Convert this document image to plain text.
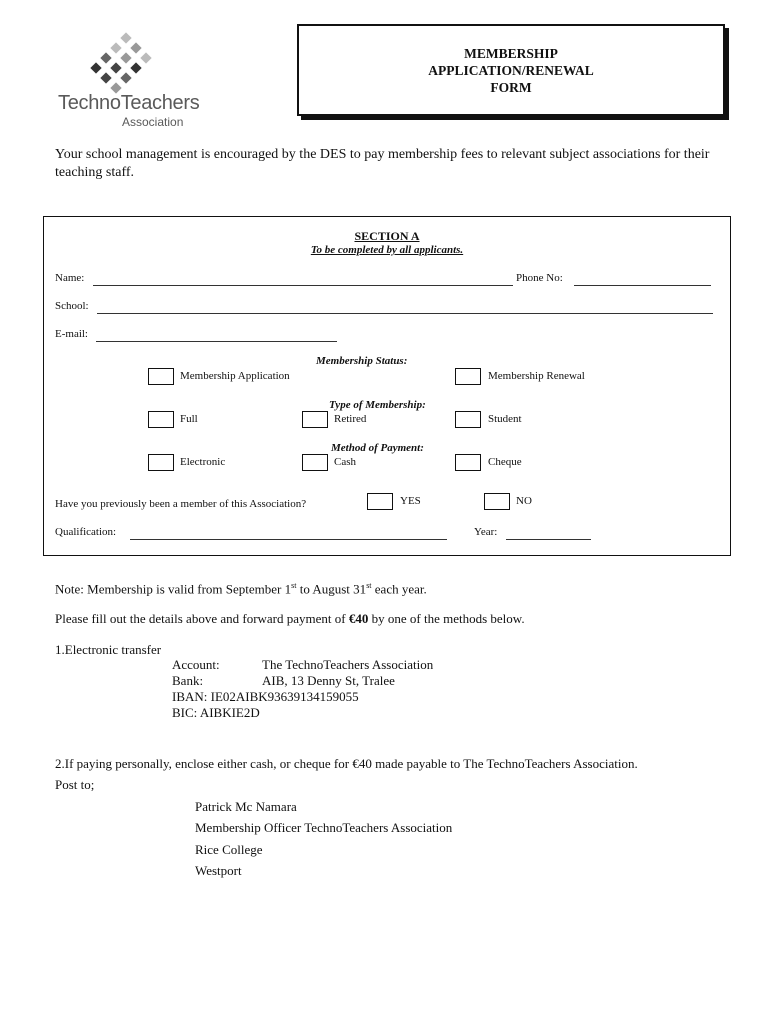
TechnoTeachers
Association
MEMBERSHIP
APPLICATION/RENEWAL
FORM
Your school management is encouraged by the DES to pay membership fees to relevant subject associations for their teaching staff.
SECTION A
To be completed by all applicants.
Name:	Phone No:
School:
E-mail:
Membership Status:
Membership Application	Membership Renewal
Type of Membership:
Full	Retired	Student
Method of Payment:
Electronic	Cash	Cheque
Have you previously been a member of this Association?	YES	NO
Qualification:	Year:
Note: Membership is valid from September 1st to August 31st each year.
Please fill out the details above and forward payment of €40 by one of the methods below.
1.Electronic transfer
Account:	The TechnoTeachers Association
Bank:	AIB, 13 Denny St, Tralee
IBAN: IE02AIBK93639134159055
BIC: AIBKIE2D
2.If paying personally, enclose either cash, or cheque for €40 made payable to The TechnoTeachers Association.
Post to;
Patrick Mc Namara
Membership Officer TechnoTeachers Association
Rice College
Westport
